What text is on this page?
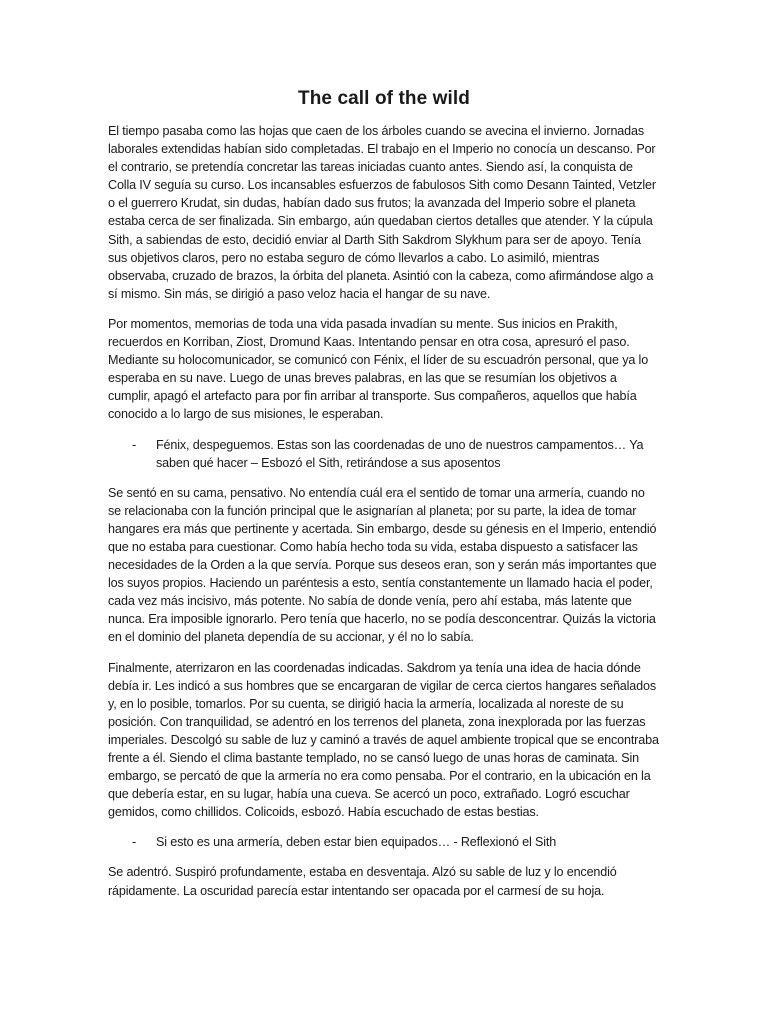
The call of the wild

El tiempo pasaba como las hojas que caen de los árboles cuando se avecina el invierno. Jornadas laborales extendidas habían sido completadas. El trabajo en el Imperio no conocía un descanso. Por el contrario, se pretendía concretar las tareas iniciadas cuanto antes. Siendo así, la conquista de Colla IV seguía su curso. Los incansables esfuerzos de fabulosos Sith como Desann Tainted, Vetzler o el guerrero Krudat, sin dudas, habían dado sus frutos; la avanzada del Imperio sobre el planeta estaba cerca de ser finalizada. Sin embargo, aún quedaban ciertos detalles que atender. Y la cúpula Sith, a sabiendas de esto, decidió enviar al Darth Sith Sakdrom Slykhum para ser de apoyo. Tenía sus objetivos claros, pero no estaba seguro de cómo llevarlos a cabo. Lo asimiló, mientras observaba, cruzado de brazos, la órbita del planeta. Asintió con la cabeza, como afirmándose algo a sí mismo. Sin más, se dirigió a paso veloz hacia el hangar de su nave.

Por momentos, memorias de toda una vida pasada invadían su mente. Sus inicios en Prakith, recuerdos en Korriban, Ziost, Dromund Kaas. Intentando pensar en otra cosa, apresuró el paso. Mediante su holocomunicador, se comunicó con Fénix, el líder de su escuadrón personal, que ya lo esperaba en su nave. Luego de unas breves palabras, en las que se resumían los objetivos a cumplir, apagó el artefacto para por fin arribar al transporte. Sus compañeros, aquellos que había conocido a lo largo de sus misiones, le esperaban.

- Fénix, despeguemos. Estas son las coordenadas de uno de nuestros campamentos… Ya saben qué hacer – Esbozó el Sith, retirándose a sus aposentos

Se sentó en su cama, pensativo. No entendía cuál era el sentido de tomar una armería, cuando no se relacionaba con la función principal que le asignarían al planeta; por su parte, la idea de tomar hangares era más que pertinente y acertada. Sin embargo, desde su génesis en el Imperio, entendió que no estaba para cuestionar. Como había hecho toda su vida, estaba dispuesto a satisfacer las necesidades de la Orden a la que servía. Porque sus deseos eran, son y serán más importantes que los suyos propios. Haciendo un paréntesis a esto, sentía constantemente un llamado hacia el poder, cada vez más incisivo, más potente. No sabía de donde venía, pero ahí estaba, más latente que nunca. Era imposible ignorarlo. Pero tenía que hacerlo, no se podía desconcentrar. Quizás la victoria en el dominio del planeta dependía de su accionar, y él no lo sabía.

Finalmente, aterrizaron en las coordenadas indicadas. Sakdrom ya tenía una idea de hacia dónde debía ir. Les indicó a sus hombres que se encargaran de vigilar de cerca ciertos hangares señalados y, en lo posible, tomarlos. Por su cuenta, se dirigió hacia la armería, localizada al noreste de su posición. Con tranquilidad, se adentró en los terrenos del planeta, zona inexplorada por las fuerzas imperiales. Descolgó su sable de luz y caminó a través de aquel ambiente tropical que se encontraba frente a él. Siendo el clima bastante templado, no se cansó luego de unas horas de caminata. Sin embargo, se percató de que la armería no era como pensaba. Por el contrario, en la ubicación en la que debería estar, en su lugar, había una cueva. Se acercó un poco, extrañado. Logró escuchar gemidos, como chillidos. Colicoids, esbozó. Había escuchado de estas bestias.

- Si esto es una armería, deben estar bien equipados… - Reflexionó el Sith

Se adentró. Suspiró profundamente, estaba en desventaja. Alzó su sable de luz y lo encendió rápidamente. La oscuridad parecía estar intentando ser opacada por el carmesí de su hoja.
